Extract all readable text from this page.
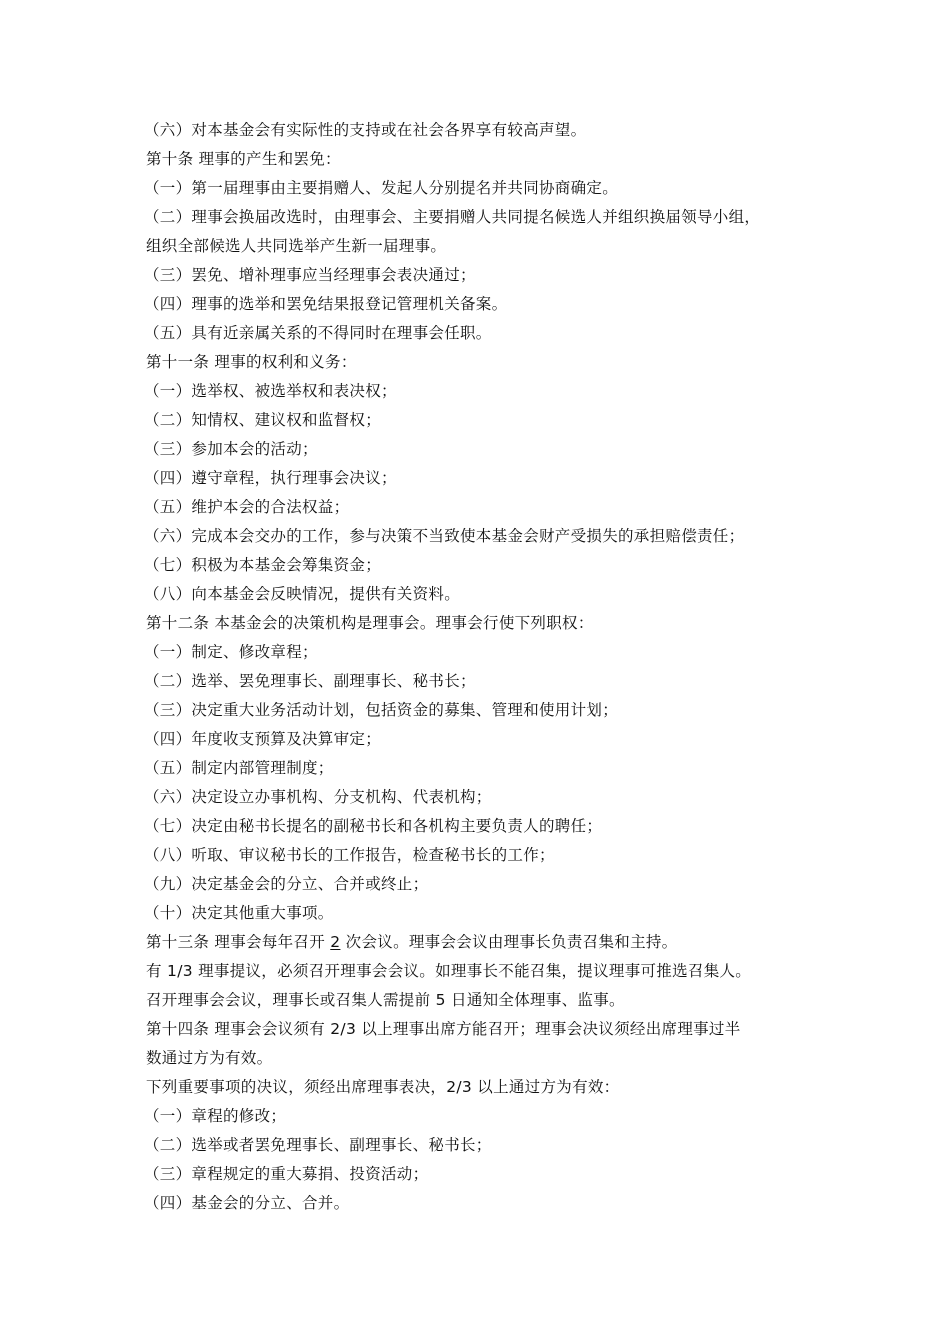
（六）对本基金会有实际性的支持或在社会各界享有较高声望。
第十条 理事的产生和罢免：
（一）第一届理事由主要捐赠人、发起人分别提名并共同协商确定。
（二）理事会换届改选时，由理事会、主要捐赠人共同提名候选人并组织换届领导小组，
组织全部候选人共同选举产生新一届理事。
（三）罢免、增补理事应当经理事会表决通过；
（四）理事的选举和罢免结果报登记管理机关备案。
（五）具有近亲属关系的不得同时在理事会任职。
第十一条 理事的权利和义务：
（一）选举权、被选举权和表决权；
（二）知情权、建议权和监督权；
（三）参加本会的活动；
（四）遵守章程，执行理事会决议；
（五）维护本会的合法权益；
（六）完成本会交办的工作，参与决策不当致使本基金会财产受损失的承担赔偿责任；
（七）积极为本基金会筹集资金；
（八）向本基金会反映情况，提供有关资料。
第十二条 本基金会的决策机构是理事会。理事会行使下列职权：
（一）制定、修改章程；
（二）选举、罢免理事长、副理事长、秘书长；
（三）决定重大业务活动计划，包括资金的募集、管理和使用计划；
（四）年度收支预算及决算审定；
（五）制定内部管理制度；
（六）决定设立办事机构、分支机构、代表机构；
（七）决定由秘书长提名的副秘书长和各机构主要负责人的聘任；
（八）听取、审议秘书长的工作报告，检查秘书长的工作；
（九）决定基金会的分立、合并或终止；
（十）决定其他重大事项。
第十三条 理事会每年召开 2 次会议。理事会会议由理事长负责召集和主持。
有 1/3 理事提议，必须召开理事会会议。如理事长不能召集，提议理事可推选召集人。
召开理事会会议，理事长或召集人需提前 5 日通知全体理事、监事。
第十四条 理事会会议须有 2/3 以上理事出席方能召开；理事会决议须经出席理事过半
数通过方为有效。
下列重要事项的决议，须经出席理事表决，2/3 以上通过方为有效：
（一）章程的修改；
（二）选举或者罢免理事长、副理事长、秘书长；
（三）章程规定的重大募捐、投资活动；
（四）基金会的分立、合并。
